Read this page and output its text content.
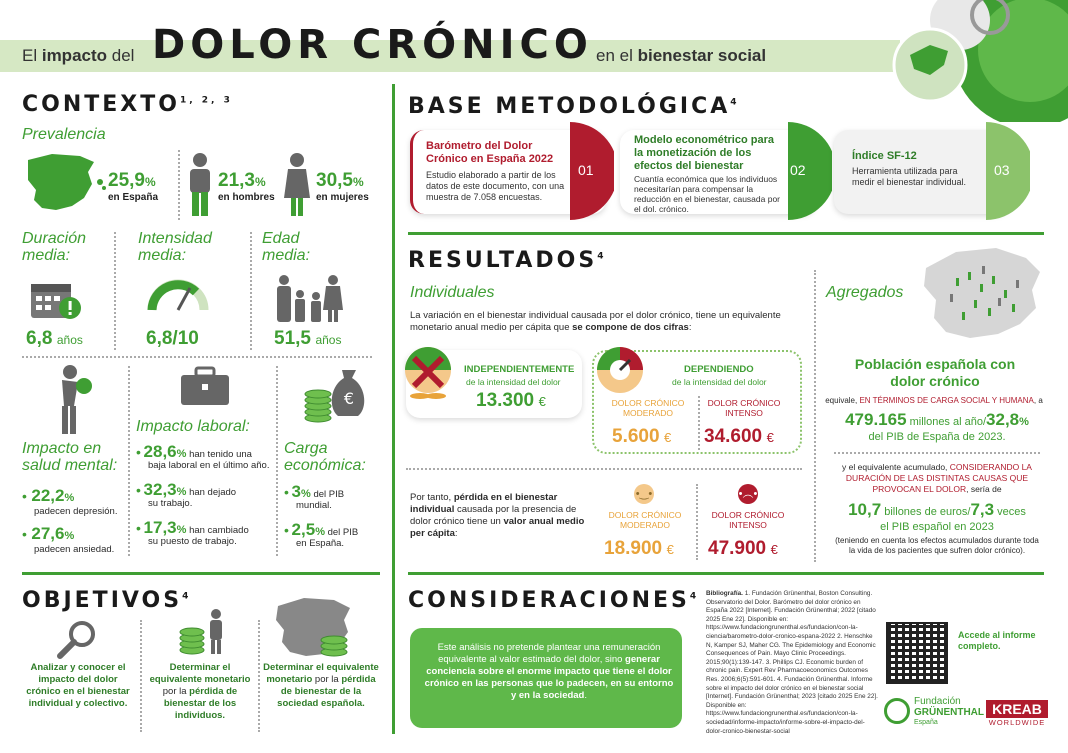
El impacto del DOLOR CRÓNICO en el bienestar social
CONTEXTO$^{1, 2, 3}$
Prevalencia
25,9%
en España
21,3%
en hombres
30,5%
en mujeres
Duración media:
Intensidad media:
Edad media:
6,8 años	6,8/10	51,5 años
Impacto en salud mental:
• 22,2%
padecen depresión.
• 27,6%
padecen ansiedad.
Impacto laboral:
• 28,6% han tenido una
baja laboral en el último año.
• 32,3% han dejado
su trabajo.
• 17,3% han cambiado
su puesto de trabajo.
€
Carga económica:
• 3% del PIB
mundial.
• 2,5% del PIB
en España.
OBJETIVOS$^4$
Analizar y conocer el impacto del dolor crónico en el bienestar individual y colectivo.
Determinar el equivalente monetario por la pérdida de bienestar de los individuos.
Determinar el equivalente monetario por la pérdida de bienestar de la sociedad española.
BASE METODOLÓGICA$^4$
01
Barómetro del Dolor Crónico en España 2022
Estudio elaborado a partir de los datos de este documento, con una muestra de 7.058 encuestas.
02
Modelo econométrico para la monetización de los efectos del bienestar
Cuantía económica que los individuos necesitarían para compensar la reducción en el bienestar, causada por el dol. crónico.
03
Índice SF-12
Herramienta utilizada para medir el bienestar individual.
RESULTADOS$^4$
Individuales
La variación en el bienestar individual causada por el dolor crónico, tiene un equivalente monetario anual medio per cápita que se compone de dos cifras:
INDEPENDIENTEMENTE
de la intensidad del dolor
13.300 €
DEPENDIENDO
de la intensidad del dolor
DOLOR CRÓNICO MODERADO
5.600 €
DOLOR CRÓNICO INTENSO
34.600 €
Por tanto, pérdida en el bienestar individual causada por la presencia de dolor crónico tiene un valor anual medio per cápita:
•‿•
DOLOR CRÓNICO MODERADO
18.900 €
•︵•
DOLOR CRÓNICO INTENSO
47.900 €
Agregados
Población española con dolor crónico
equivale, EN TÉRMINOS DE CARGA SOCIAL Y HUMANA, a
479.165 millones al año/32,8%
del PIB de España de 2023.
y el equivalente acumulado, CONSIDERANDO LA DURACIÓN DE LAS DISTINTAS CAUSAS QUE PROVOCAN EL DOLOR, sería de
10,7 billones de euros/7,3 veces
el PIB español en 2023
(teniendo en cuenta los efectos acumulados durante toda la vida de los pacientes que sufren dolor crónico).
CONSIDERACIONES$^4$
Este análisis no pretende plantear una remuneración equivalente al valor estimado del dolor, sino generar conciencia sobre el enorme impacto que tiene el dolor crónico en las personas que lo padecen, en su entorno y en la sociedad.
Bibliografía. 1. Fundación Grünenthal, Boston Consulting. Observatorio del Dolor. Barómetro del dolor crónico en España 2022 [Internet]. Fundación Grünenthal; 2022 [citado 2025 Ene 22]. Disponible en: https://www.fundaciongrunenthal.es/fundacion/con-la-ciencia/barometro-dolor-cronico-espana-2022 2. Henschke N, Kamper SJ, Maher CG. The Epidemiology and Economic Consequences of Pain. Mayo Clinic Proceedings. 2015;90(1):139-147. 3. Phillips CJ. Economic burden of chronic pain. Expert Rev Pharmacoeconomics Outcomes Res. 2006;6(5):591-601. 4. Fundación Grünenthal. Informe sobre el impacto del dolor crónico en el bienestar social [Internet]. Fundación Grünenthal; 2023 [citado 2025 Ene 22]. Disponible en: https://www.fundaciongrunenthal.es/fundacion/con-la-sociedad/informe-impacto/informe-sobre-el-impacto-del-dolor-cronico-bienestar-social
Accede al informe completo.
Fundación
GRÜNENTHAL
España
KREAB
WORLDWIDE
